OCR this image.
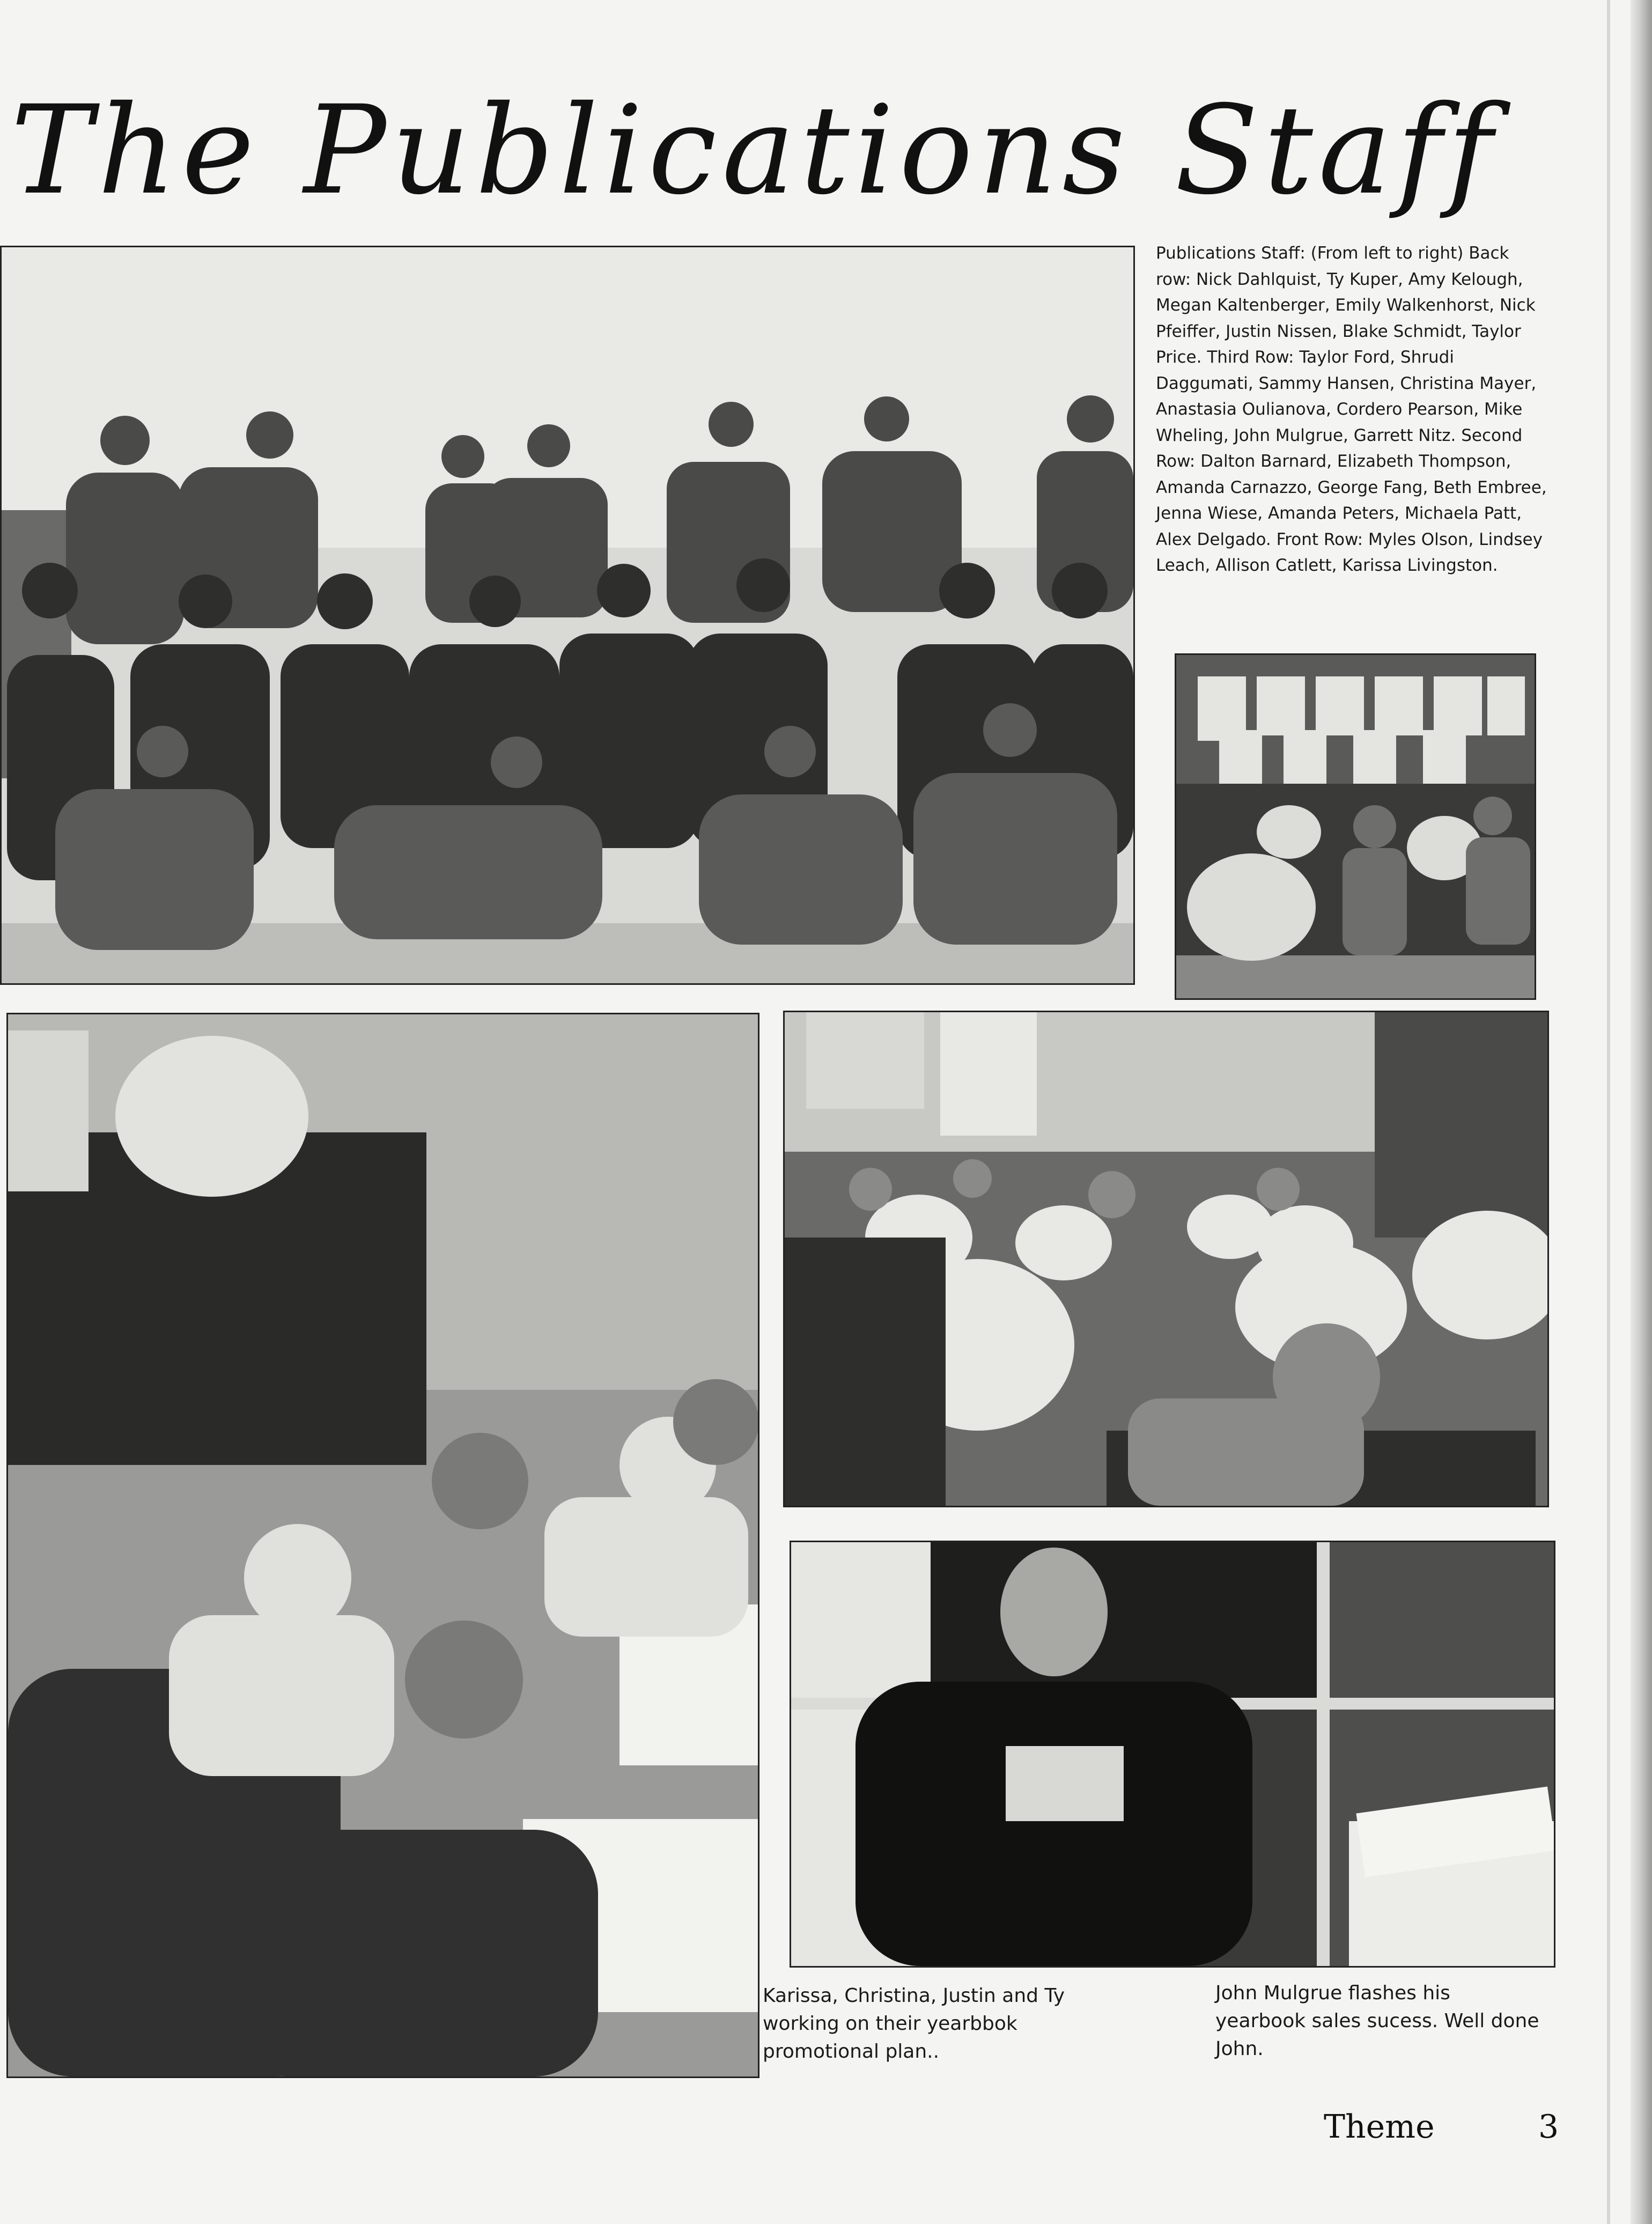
The Publications Staff
Publications Staff: (From left to right) Back row: Nick Dahlquist, Ty Kuper, Amy Kelough, Megan Kaltenberger, Emily Walkenhorst, Nick Pfeiffer, Justin Nissen, Blake Schmidt, Taylor Price. Third Row: Taylor Ford, Shrudi Daggumati, Sammy Hansen, Christina Mayer, Anastasia Oulianova, Cordero Pearson, Mike Wheling, John Mulgrue, Garrett Nitz. Second Row: Dalton Barnard, Elizabeth Thompson, Amanda Carnazzo, George Fang, Beth Embree, Jenna Wiese, Amanda Peters, Michaela Patt, Alex Delgado. Front Row: Myles Olson, Lindsey Leach, Allison Catlett, Karissa Livingston.
Karissa, Christina, Justin and Ty working on their yearbbok promotional plan..
John Mulgrue flashes his yearbook sales sucess. Well done John.
Theme	3
